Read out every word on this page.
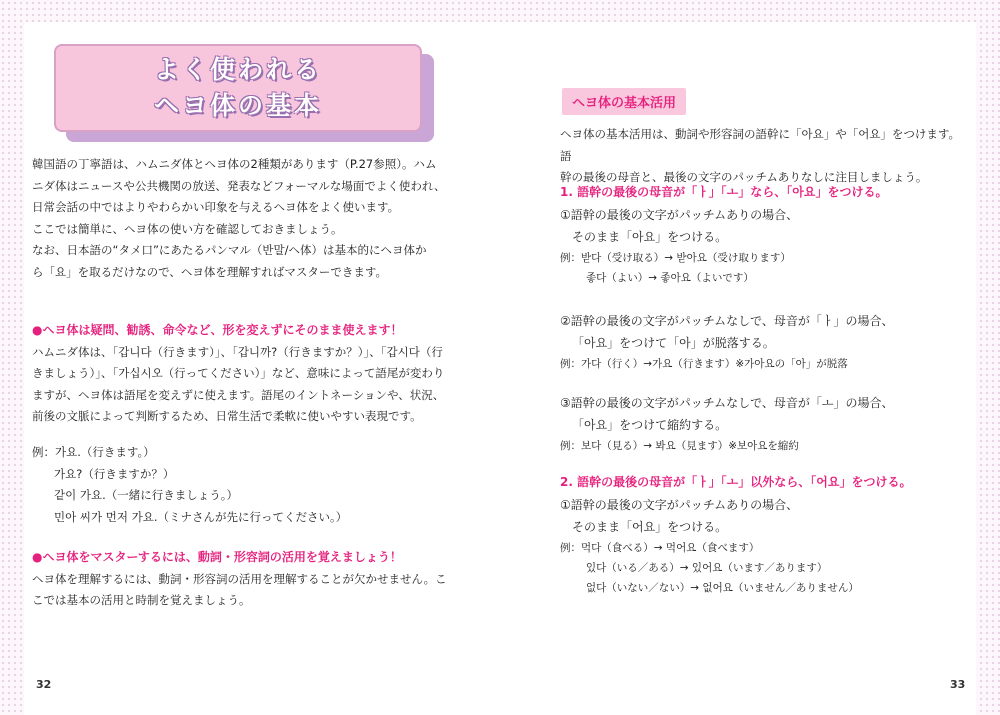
よく使われる
ヘヨ体の基本
韓国語の丁寧語は、ハムニダ体とヘヨ体の2種類があります（P.27参照）。ハム
ニダ体はニュースや公共機関の放送、発表などフォーマルな場面でよく使われ、
日常会話の中ではよりやわらかい印象を与えるヘヨ体をよく使います。
ここでは簡単に、ヘヨ体の使い方を確認しておきましょう。
なお、日本語の“タメ口”にあたるパンマル（반말/ヘ体）は基本的にヘヨ体か
ら「요」を取るだけなので、ヘヨ体を理解すればマスターできます。
●ヘヨ体は疑問、勧誘、命令など、形を変えずにそのまま使えます！
ハムニダ体は、「갑니다（行きます）」、「갑니까?（行きますか？）」、「갑시다（行
きましょう）」、「가십시오（行ってください）」など、意味によって語尾が変わり
ますが、ヘヨ体は語尾を変えずに使えます。語尾のイントネーションや、状況、
前後の文脈によって判断するため、日常生活で柔軟に使いやすい表現です。
例：가요.（行きます。）
가요?（行きますか？）
같이 가요.（一緒に行きましょう。）
민아 씨가 먼저 가요.（ミナさんが先に行ってください。）
●ヘヨ体をマスターするには、動詞・形容詞の活用を覚えましょう！
ヘヨ体を理解するには、動詞・形容詞の活用を理解することが欠かせません。こ
こでは基本の活用と時制を覚えましょう。
ヘヨ体の基本活用
ヘヨ体の基本活用は、動詞や形容詞の語幹に「아요」や「어요」をつけます。語
幹の最後の母音と、最後の文字のパッチムありなしに注目しましょう。
1. 語幹の最後の母音が「ㅏ」「ㅗ」なら、「아요」をつける。
①語幹の最後の文字がパッチムありの場合、
そのまま「아요」をつける。
例：받다（受け取る）→ 받아요（受け取ります）
좋다（よい）→ 좋아요（よいです）
②語幹の最後の文字がパッチムなしで、母音が「ㅏ」の場合、
「아요」をつけて「아」が脱落する。
例：가다（行く）→가요（行きます）※가아요の「아」が脱落
③語幹の最後の文字がパッチムなしで、母音が「ㅗ」の場合、
「아요」をつけて縮約する。
例：보다（見る）→ 봐요（見ます）※보아요を縮約
2. 語幹の最後の母音が「ㅏ」「ㅗ」以外なら、「어요」をつける。
①語幹の最後の文字がパッチムありの場合、
そのまま「어요」をつける。
例：먹다（食べる）→ 먹어요（食べます）
있다（いる／ある）→ 있어요（います／あります）
없다（いない／ない）→ 없어요（いません／ありません）
32	33
